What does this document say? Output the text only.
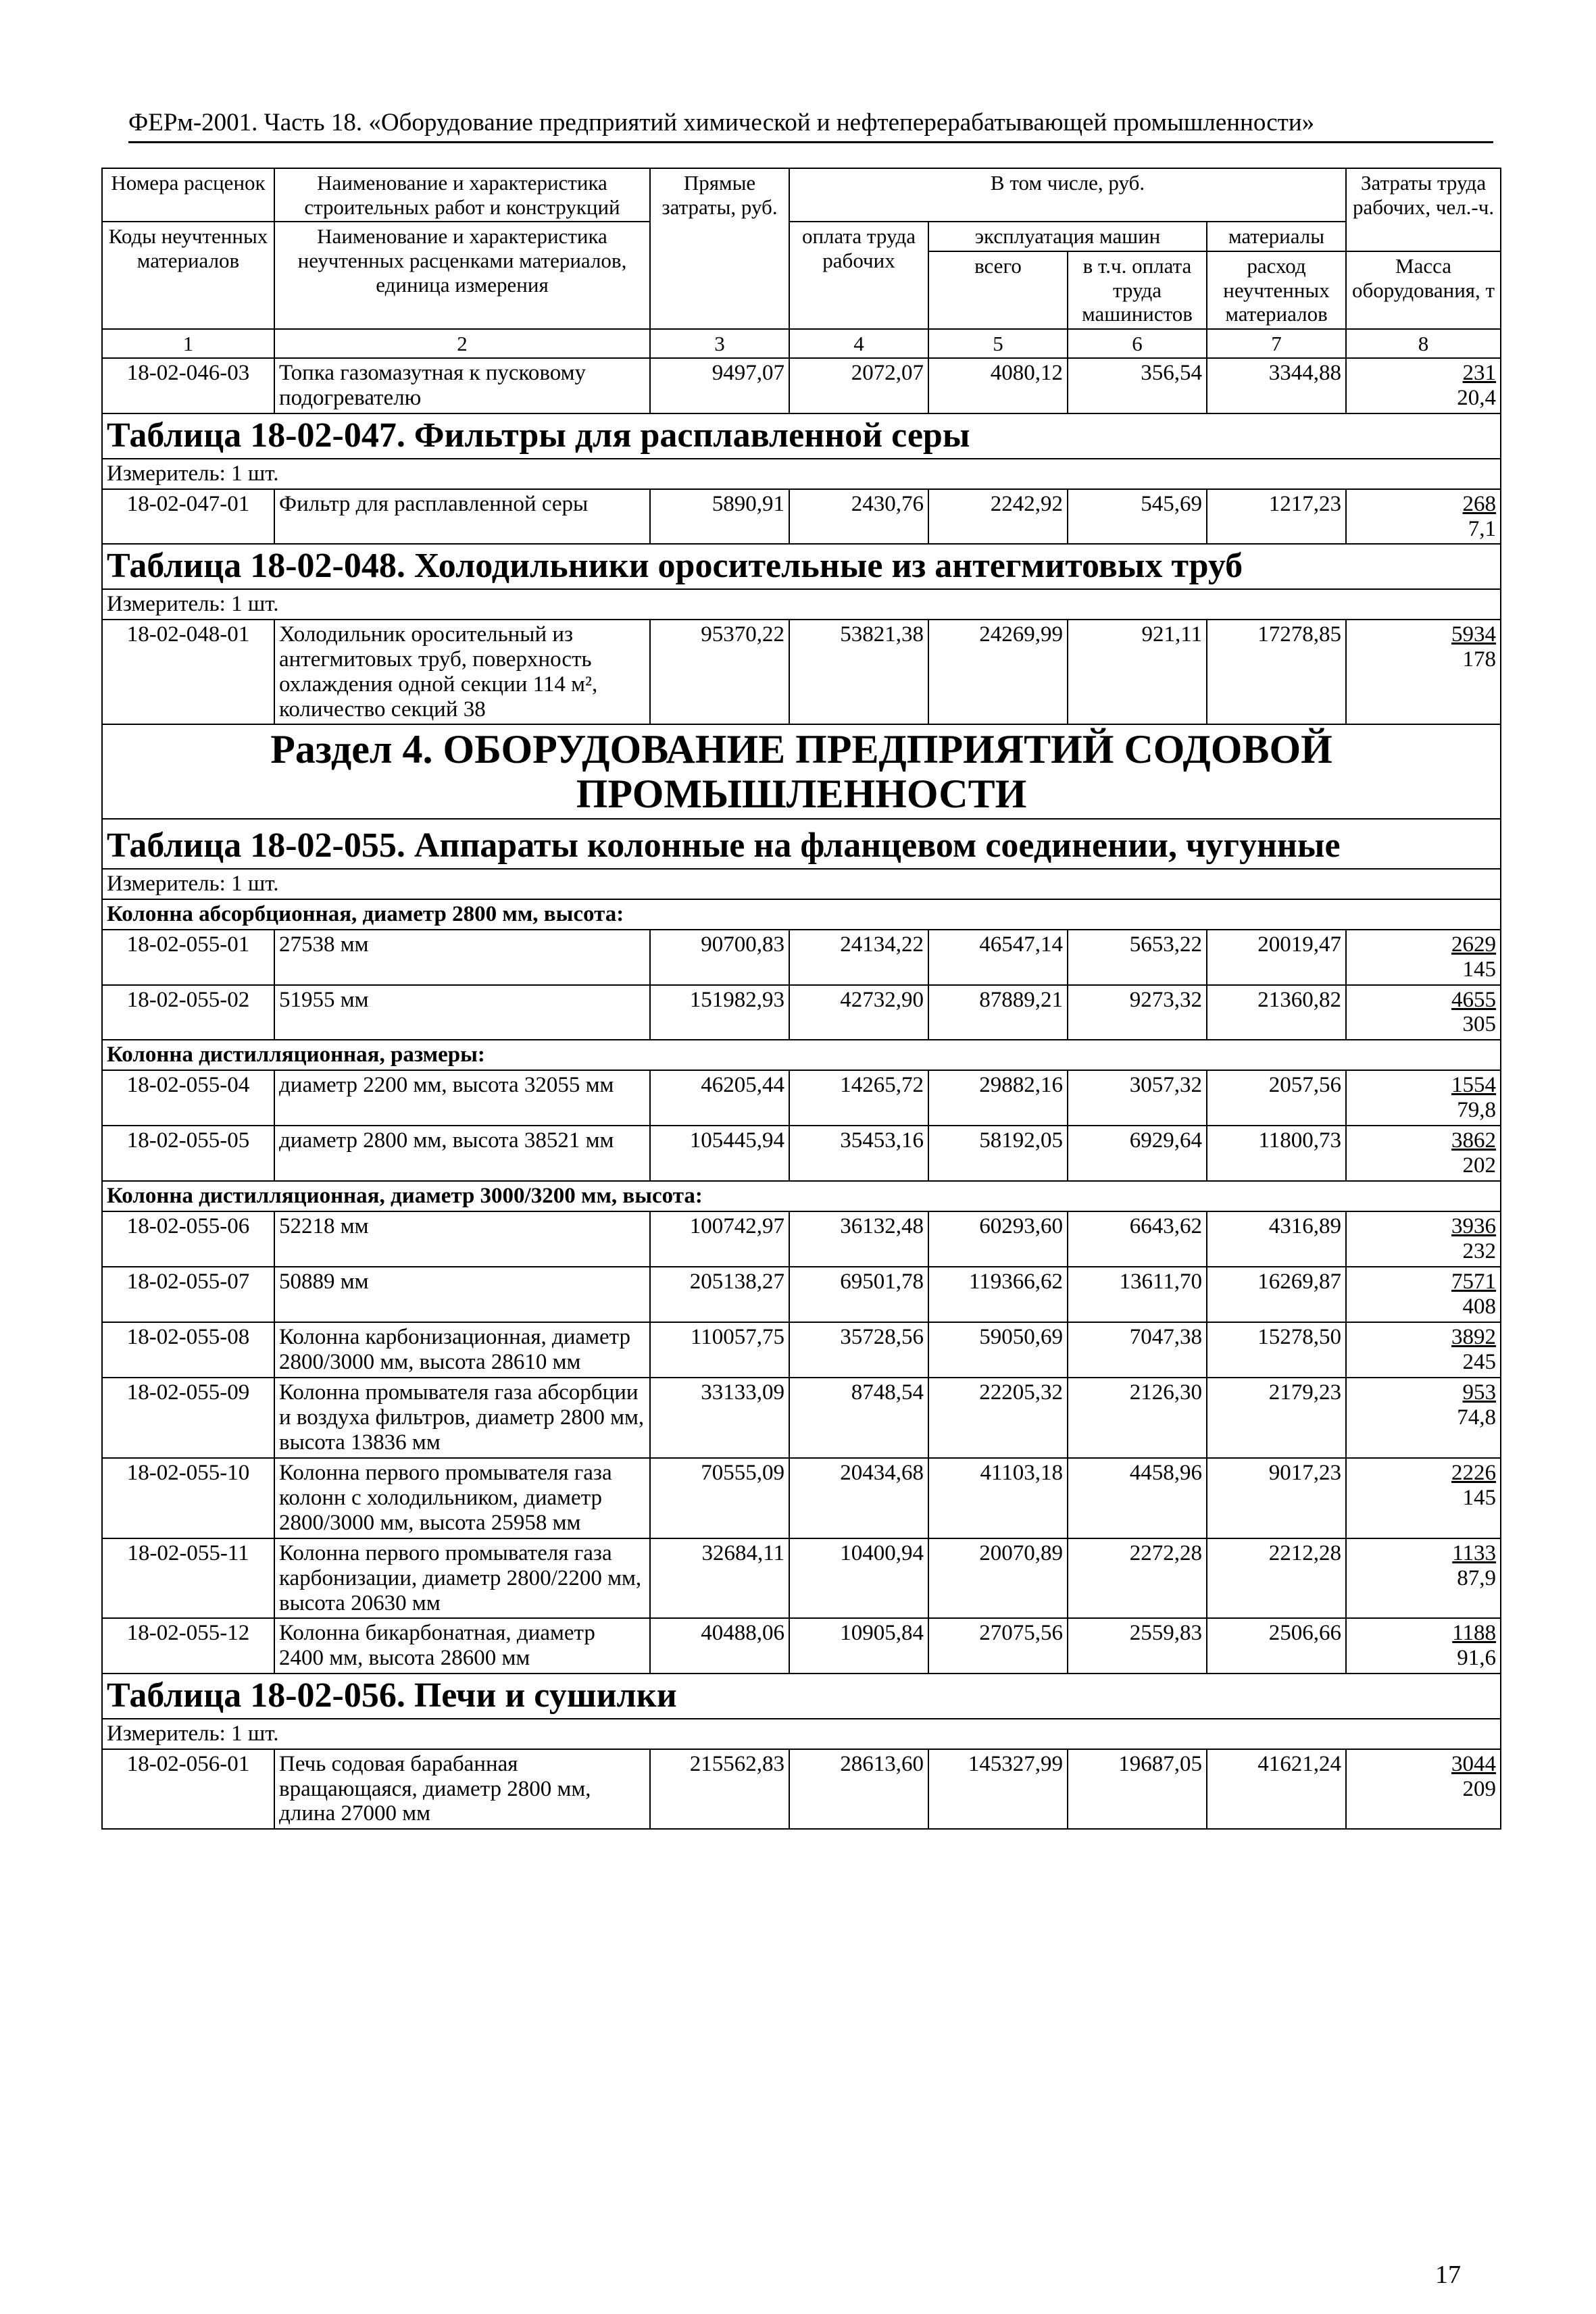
ФЕРм-2001. Часть 18. «Оборудование предприятий химической и нефтеперерабатывающей промышленности»
Номера расценок	Наименование и характеристика строительных работ и конструкций	Прямые затраты, руб.	В том числе, руб.				Затраты труда рабочих, чел.-ч.
Коды неучтенных материалов	Наименование и характеристика неучтенных расценками материалов, единица измерения		оплата труда рабочих	эксплуатация машин		материалы	
				всего	в т.ч. оплата труда машинистов	расход неучтенных материалов	
							Масса оборудования, т
1	2	3	4	5	6	7	8
18-02-046-03	Топка газомазутная к пусковому подогревателю	9497,07	2072,07	4080,12	356,54	3344,88	231
20,4

Таблица 18-02-047. Фильтры для расплавленной серы							
Измеритель: 1 шт.							
18-02-047-01	Фильтр для расплавленной серы	5890,91	2430,76	2242,92	545,69	1217,23	268
7,1

Таблица 18-02-048. Холодильники оросительные из антегмитовых труб							
Измеритель: 1 шт.							
18-02-048-01	Холодильник оросительный из антегмитовых труб, поверхность охлаждения одной секции 114 м², количество секций 38	95370,22	53821,38	24269,99	921,11	17278,85	5934
178

Раздел 4. ОБОРУДОВАНИЕ ПРЕДПРИЯТИЙ СОДОВОЙ
ПРОМЫШЛЕННОСТИ							

Таблица 18-02-055. Аппараты колонные на фланцевом соединении, чугунные							
Измеритель: 1 шт.							
Колонна абсорбционная, диаметр 2800 мм, высота:							
18-02-055-01	27538 мм	90700,83	24134,22	46547,14	5653,22	20019,47	2629
145

18-02-055-02	51955 мм	151982,93	42732,90	87889,21	9273,32	21360,82	4655
305

Колонна дистилляционная, размеры:							
18-02-055-04	диаметр 2200 мм, высота 32055 мм	46205,44	14265,72	29882,16	3057,32	2057,56	1554
79,8

18-02-055-05	диаметр 2800 мм, высота 38521 мм	105445,94	35453,16	58192,05	6929,64	11800,73	3862
202

Колонна дистилляционная, диаметр 3000/3200 мм, высота:							
18-02-055-06	52218 мм	100742,97	36132,48	60293,60	6643,62	4316,89	3936
232

18-02-055-07	50889 мм	205138,27	69501,78	119366,62	13611,70	16269,87	7571
408

18-02-055-08	Колонна карбонизационная, диаметр 2800/3000 мм, высота 28610 мм	110057,75	35728,56	59050,69	7047,38	15278,50	3892
245

18-02-055-09	Колонна промывателя газа абсорбции и воздуха фильтров, диаметр 2800 мм, высота 13836 мм	33133,09	8748,54	22205,32	2126,30	2179,23	953
74,8

18-02-055-10	Колонна первого промывателя газа колонн с холодильником, диаметр 2800/3000 мм, высота 25958 мм	70555,09	20434,68	41103,18	4458,96	9017,23	2226
145

18-02-055-11	Колонна первого промывателя газа карбонизации, диаметр 2800/2200 мм, высота 20630 мм	32684,11	10400,94	20070,89	2272,28	2212,28	1133
87,9

18-02-055-12	Колонна бикарбонатная, диаметр 2400 мм, высота 28600 мм	40488,06	10905,84	27075,56	2559,83	2506,66	1188
91,6

Таблица 18-02-056. Печи и сушилки							
Измеритель: 1 шт.							
18-02-056-01	Печь содовая барабанная вращающаяся, диаметр 2800 мм, длина 27000 мм	215562,83	28613,60	145327,99	19687,05	41621,24	3044
209
17
